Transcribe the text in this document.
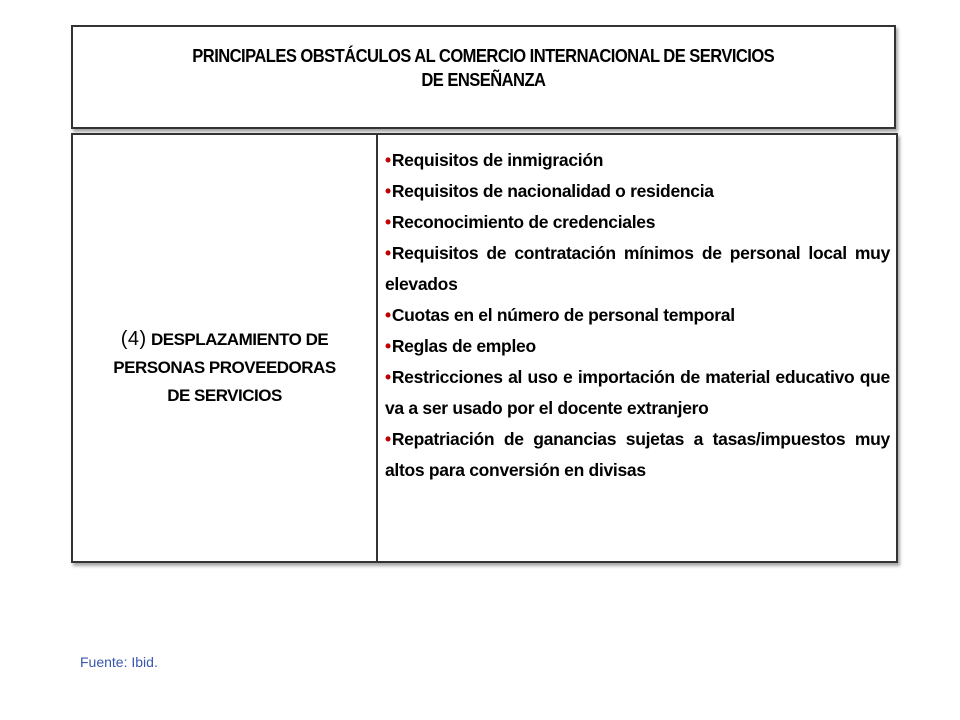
PRINCIPALES OBSTÁCULOS AL COMERCIO INTERNACIONAL DE SERVICIOS
DE ENSEÑANZA
(4) DESPLAZAMIENTO DE
PERSONAS PROVEEDORAS
DE SERVICIOS
•Requisitos de inmigración
•Requisitos de nacionalidad o residencia
•Reconocimiento de credenciales
•Requisitos de contratación mínimos de personal local muy elevados
•Cuotas en el número de personal temporal
•Reglas de empleo
•Restricciones al uso e importación de material educativo que va a ser usado por el docente extranjero
•Repatriación de ganancias sujetas a tasas/impuestos muy altos para conversión en divisas
Fuente: Ibid.
